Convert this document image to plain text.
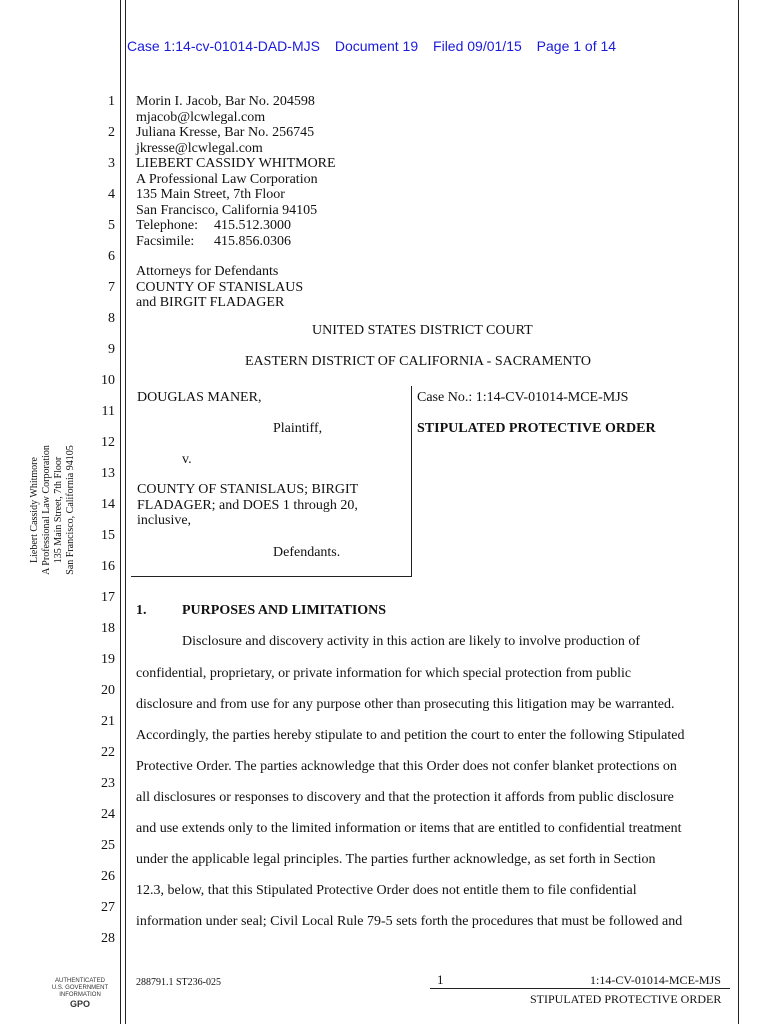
Case 1:14-cv-01014-DAD-MJS Document 19 Filed 09/01/15 Page 1 of 14
1
2
3
4
5
6
7
8
9
10
11
12
13
14
15
16
17
18
19
20
21
22
23
24
25
26
27
28
Liebert Cassidy Whitmore A Professional Law Corporation 135 Main Street, 7th Floor San Francisco, California 94105
Morin I. Jacob, Bar No. 204598
mjacob@lcwlegal.com
Juliana Kresse, Bar No. 256745
jkresse@lcwlegal.com
LIEBERT CASSIDY WHITMORE
A Professional Law Corporation
135 Main Street, 7th Floor
San Francisco, California 94105
Telephone: 415.512.3000
Facsimile: 415.856.0306
Attorneys for Defendants
COUNTY OF STANISLAUS
and BIRGIT FLADAGER
UNITED STATES DISTRICT COURT
EASTERN DISTRICT OF CALIFORNIA - SACRAMENTO
DOUGLAS MANER,
Plaintiff,
v.
COUNTY OF STANISLAUS; BIRGIT
FLADAGER; and DOES 1 through 20,
inclusive,
Defendants.
Case No.: 1:14-CV-01014-MCE-MJS
STIPULATED PROTECTIVE ORDER
1.	PURPOSES AND LIMITATIONS
Disclosure and discovery activity in this action are likely to involve production of
confidential, proprietary, or private information for which special protection from public
disclosure and from use for any purpose other than prosecuting this litigation may be warranted.
Accordingly, the parties hereby stipulate to and petition the court to enter the following Stipulated
Protective Order. The parties acknowledge that this Order does not confer blanket protections on
all disclosures or responses to discovery and that the protection it affords from public disclosure
and use extends only to the limited information or items that are entitled to confidential treatment
under the applicable legal principles. The parties further acknowledge, as set forth in Section
12.3, below, that this Stipulated Protective Order does not entitle them to file confidential
information under seal; Civil Local Rule 79-5 sets forth the procedures that must be followed and
288791.1 ST236-025	1	1:14-CV-01014-MCE-MJS
STIPULATED PROTECTIVE ORDER
AUTHENTICATED
U.S. GOVERNMENT
INFORMATION
GPO
